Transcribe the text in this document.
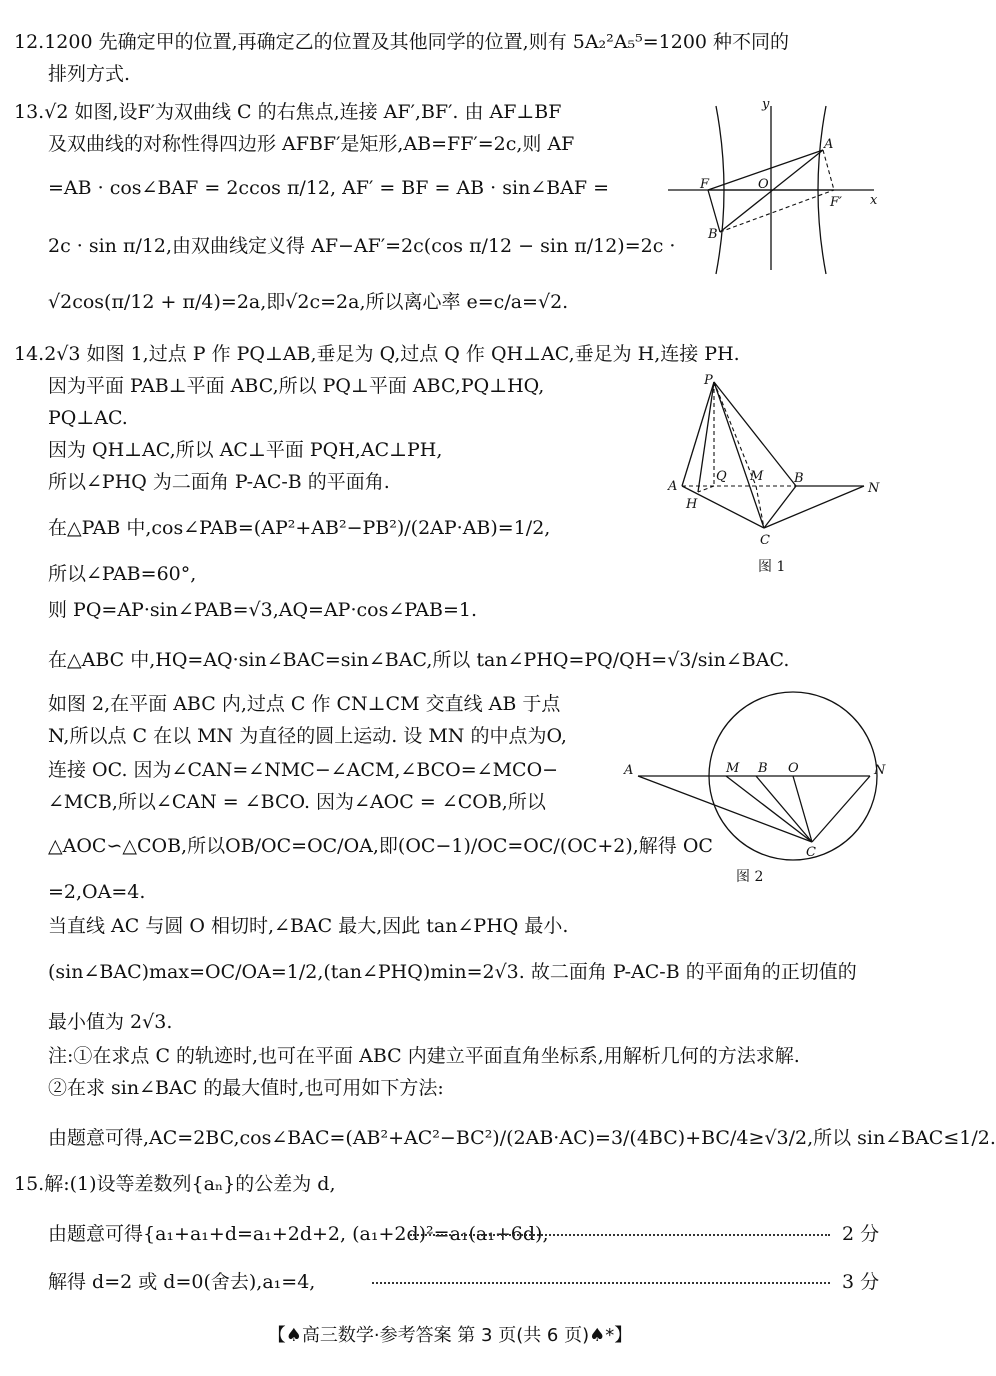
12.1200 先确定甲的位置,再确定乙的位置及其他同学的位置,则有 5A₂²A₅⁵=1200 种不同的
排列方式.
13.√2 如图,设F′为双曲线 C 的右焦点,连接 AF′,BF′. 由 AF⊥BF
及双曲线的对称性得四边形 AFBF′是矩形,AB=FF′=2c,则 AF
=AB · cos∠BAF = 2ccos π/12, AF′ = BF = AB · sin∠BAF =
2c · sin π/12,由双曲线定义得 AF−AF′=2c(cos π/12 − sin π/12)=2c ·
√2cos(π/12 + π/4)=2a,即√2c=2a,所以离心率 e=c/a=√2.
14.2√3 如图 1,过点 P 作 PQ⊥AB,垂足为 Q,过点 Q 作 QH⊥AC,垂足为 H,连接 PH.
因为平面 PAB⊥平面 ABC,所以 PQ⊥平面 ABC,PQ⊥HQ,
PQ⊥AC.
因为 QH⊥AC,所以 AC⊥平面 PQH,AC⊥PH,
所以∠PHQ 为二面角 P-AC-B 的平面角.
在△PAB 中,cos∠PAB=(AP²+AB²−PB²)/(2AP·AB)=1/2,
所以∠PAB=60°,
则 PQ=AP·sin∠PAB=√3,AQ=AP·cos∠PAB=1.
在△ABC 中,HQ=AQ·sin∠BAC=sin∠BAC,所以 tan∠PHQ=PQ/QH=√3/sin∠BAC.
如图 2,在平面 ABC 内,过点 C 作 CN⊥CM 交直线 AB 于点
N,所以点 C 在以 MN 为直径的圆上运动. 设 MN 的中点为O,
连接 OC. 因为∠CAN=∠NMC−∠ACM,∠BCO=∠MCO−
∠MCB,所以∠CAN = ∠BCO. 因为∠AOC = ∠COB,所以
△AOC∽△COB,所以OB/OC=OC/OA,即(OC−1)/OC=OC/(OC+2),解得 OC
=2,OA=4.
当直线 AC 与圆 O 相切时,∠BAC 最大,因此 tan∠PHQ 最小.
(sin∠BAC)max=OC/OA=1/2,(tan∠PHQ)min=2√3. 故二面角 P-AC-B 的平面角的正切值的
最小值为 2√3.
注:①在求点 C 的轨迹时,也可在平面 ABC 内建立平面直角坐标系,用解析几何的方法求解.
②在求 sin∠BAC 的最大值时,也可用如下方法:
由题意可得,AC=2BC,cos∠BAC=(AB²+AC²−BC²)/(2AB·AC)=3/(4BC)+BC/4≥√3/2,所以 sin∠BAC≤1/2.
15.解:(1)设等差数列{aₙ}的公差为 d,
由题意可得{a₁+a₁+d=a₁+2d+2, (a₁+2d)²=a₁(a₁+6d),
解得 d=2 或 d=0(舍去),a₁=4,
2 分
3 分
y
A
F	O
F′ x
B
P
Q M B
N
A
H
C
图 1
A	M B O	N
C
图 2
【♠高三数学·参考答案 第 3 页(共 6 页)♠*】
